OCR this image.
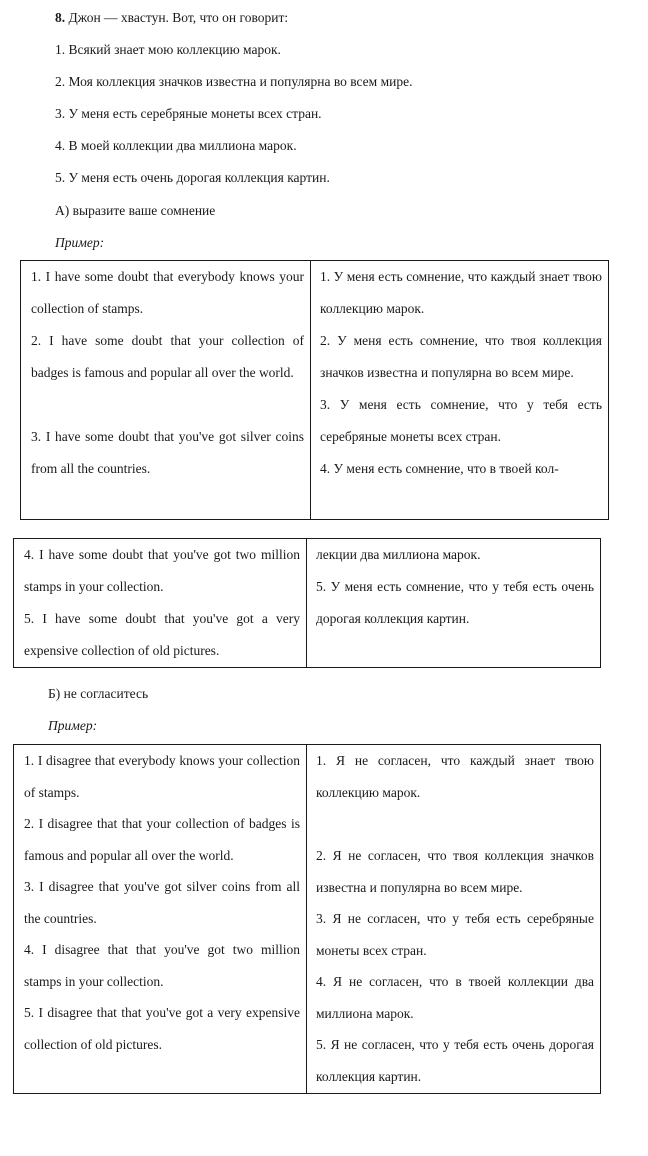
8. Джон — хвастун. Вот, что он говорит:
1. Всякий знает мою коллекцию марок.
2. Моя коллекция значков известна и популярна во всем мире.
3. У меня есть серебряные монеты всех стран.
4. В моей коллекции два миллиона марок.
5. У меня есть очень дорогая коллекция картин.
А) выразите ваше сомнение
Пример:
1. I have some doubt that everybody knows your collection of stamps.
2. I have some doubt that your collection of badges is famous and popular all over the world.
3. I have some doubt that you've got silver coins from all the countries.

1. У меня есть сомнение, что каждый знает твою коллекцию марок.
2. У меня есть сомнение, что твоя коллекция значков известна и популярна во всем мире.
3. У меня есть сомнение, что у тебя есть серебряные монеты всех стран.
4. У меня есть сомнение, что в твоей кол-
4. I have some doubt that you've got two million stamps in your collection.
5. I have some doubt that you've got a very expensive collection of old pictures.

лекции два миллиона марок.
5. У меня есть сомнение, что у тебя есть очень дорогая коллекция картин.
Б) не согласитесь
Пример:
1. I disagree that everybody knows your collection of stamps.
2. I disagree that that your collection of badges is famous and popular all over the world.
3. I disagree that you've got silver coins from all the countries.
4. I disagree that that you've got two million stamps in your collection.
5. I disagree that that you've got a very expensive collection of old pictures.

1. Я не согласен, что каждый знает твою коллекцию марок.
2. Я не согласен, что твоя коллекция значков известна и популярна во всем мире.
3. Я не согласен, что у тебя есть серебряные монеты всех стран.
4. Я не согласен, что в твоей коллекции два миллиона марок.
5. Я не согласен, что у тебя есть очень дорогая коллекция картин.
